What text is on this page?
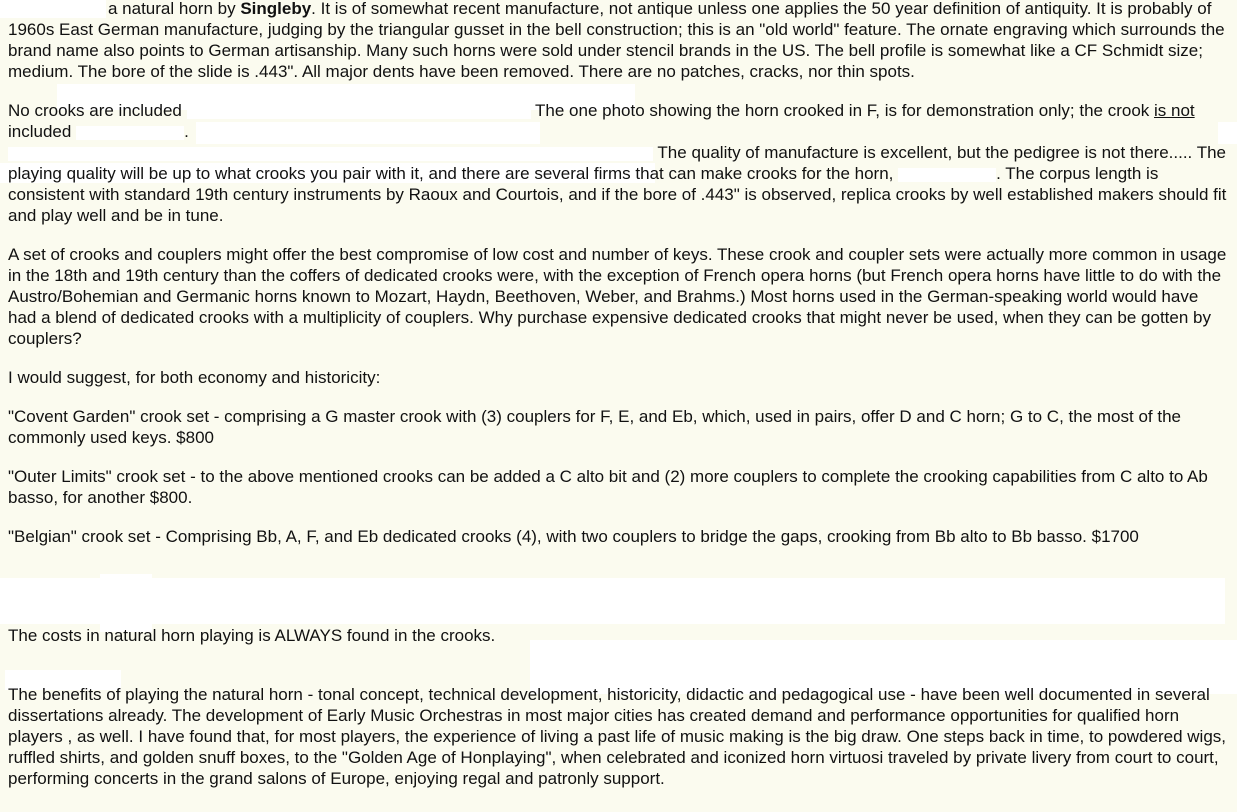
a natural horn by Singleby. It is of somewhat recent manufacture, not antique unless one applies the 50 year definition of antiquity. It is probably of 1960s East German manufacture, judging by the triangular gusset in the bell construction; this is an "old world" feature. The ornate engraving which surrounds the brand name also points to German artisanship. Many such horns were sold under stencil brands in the US. The bell profile is somewhat like a CF Schmidt size; medium. The bore of the slide is .443". All major dents have been removed. There are no patches, cracks, nor thin spots.

No crooks are included	The one photo showing the horn crooked in F, is for demonstration only; the crook is not included	.
The quality of manufacture is excellent, but the pedigree is not there..... The playing quality will be up to what crooks you pair with it, and there are several firms that can make crooks for the horn,	. The corpus length is consistent with standard 19th century instruments by Raoux and Courtois, and if the bore of .443" is observed, replica crooks by well established makers should fit and play well and be in tune.

A set of crooks and couplers might offer the best compromise of low cost and number of keys. These crook and coupler sets were actually more common in usage in the 18th and 19th century than the coffers of dedicated crooks were, with the exception of French opera horns (but French opera horns have little to do with the Austro/Bohemian and Germanic horns known to Mozart, Haydn, Beethoven, Weber, and Brahms.) Most horns used in the German-speaking world would have had a blend of dedicated crooks with a multiplicity of couplers. Why purchase expensive dedicated crooks that might never be used, when they can be gotten by couplers?

I would suggest, for both economy and historicity:

"Covent Garden" crook set - comprising a G master crook with (3) couplers for F, E, and Eb, which, used in pairs, offer D and C horn; G to C, the most of the commonly used keys. $800

"Outer Limits" crook set - to the above mentioned crooks can be added a C alto bit and (2) more couplers to complete the crooking capabilities from C alto to Ab basso, for another $800.

"Belgian" crook set - Comprising Bb, A, F, and Eb dedicated crooks (4), with two couplers to bridge the gaps, crooking from Bb alto to Bb basso. $1700

The costs in natural horn playing is ALWAYS found in the crooks.

The benefits of playing the natural horn - tonal concept, technical development, historicity, didactic and pedagogical use - have been well documented in several dissertations already. The development of Early Music Orchestras in most major cities has created demand and performance opportunities for qualified horn players , as well. I have found that, for most players, the experience of living a past life of music making is the big draw. One steps back in time, to powdered wigs, ruffled shirts, and golden snuff boxes, to the "Golden Age of Honplaying", when celebrated and iconized horn virtuosi traveled by private livery from court to court, performing concerts in the grand salons of Europe, enjoying regal and patronly support.
